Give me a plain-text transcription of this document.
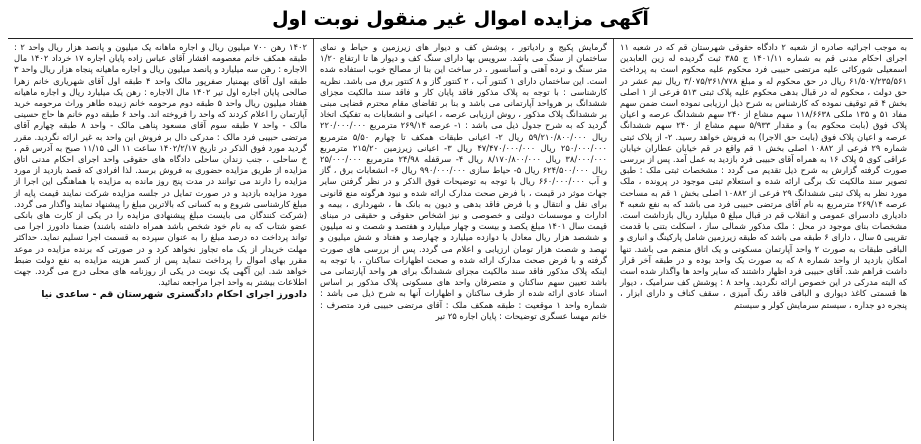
آگهی مزایده اموال غیر منقول نوبت اول

به موجب اجرائیه صادره از شعبه ۲ دادگاه حقوقی شهرستان قم که در شعبه ۱۱ اجرای احکام مدنی قم به شماره ۱۴۰۱/۱۱ ج ۳۸۵ ثبت گردیده له زین العابدین اسمعیلی شورکائی علیه مرتضی حبیبی فرد محکوم علیه محکوم است به پرداخت ۶۱/۵۰۷/۲۳۵/۵۶۱ ریال در حق محکوم له و مبلغ ۳/۰۷۵/۳۶۱/۷۷۸ ریال نیم عشر در حق دولت ، محکوم له در قبال بدهی محکوم علیه پلاک ثبتی ۵۱۳ فرعی از ۱ اصلی بخش ۴ قم توقیف نموده که کارشناس به شرح ذیل ارزیابی نموده است ضمن سهم مفاد ۵۱ و ۱۳۵ ملکی ۱۱۸/۶۶۳۸ سهم مشاع از ۲۴۰ سهم ششدانگ عرصه و اعیان پلاک فوق (بابت محکوم به) و مقدار ۵/۹۳۳ سهم مشاع از ۲۴۰ سهم ششدانگ عرصه و اعیان پلاک فوق (بابت حق الاجرا) به فروش خواهد رسید. ۲- از پلاک ثبتی شماره ۲۹ فرعی از ۱۰۸۸۲ اصلی بخش ۱ قم واقع در قم خیابان عطاران خیابان عراقی کوی ۵ پلاک ۱۶ به همراه آقای حبیبی فرد بازدید به عمل آمد. پس از بررسی صورت گرفته گزارش به شرح ذیل تقدیم می گردد : مشخصات ثبتی ملک : طبق تصویر سند مالکیت تک برگی ارائه شده و استعلام ثبتی موجود در پرونده ، ملک مورد نظر به پلاک ثبتی ششدانگ ۲۹ فرعی از ۱۰۸۸۲ اصلی بخش ۱ قم به مساحت عرصه ۲۶۹/۱۴ مترمربع به نام آقای مرتضی حبیبی فرد می باشد که به نفع شعبه ۴ دادیاری دادسرای عمومی و انقلاب قم در قبال مبلغ ۵ میلیارد ریال بازداشت است. مشخصات بنای موجود در محل : ملک مذکور شمالی ساز ، اسکلت بتنی با قدمت تقریبی ۵ سال ، دارای ۶ طبقه می باشد که طبقه زیرزمین شامل پارکینگ و انباری و البافی طبقات به صورت ۲ واحد آپارتمان مسکونی و یک اتاق منضم می باشد. تنها امکان بازدید از واحد شماره ۸ که به صورت یک واحد بوده و در طبقه آخر قرار داشت فراهم شد. آقای حبیبی فرد اظهار داشتند که سایر واحد ها واگذار شده است که البته مدرکی در این خصوص ارائه نگردید. واحد ۸ : پوشش کف سرامیک ، دیوار ها قسمتی کاغذ دیواری و البافی فاقد رنگ آمیزی ، سقف کناف و دارای ابزار ، پنجره دو جداره ، سیستم سرمایش کولر و سیستم

گرمایش پکیج و رادیاتور ، پوشش کف و دیوار های زیرزمین و حیاط و نمای ساختمان از سنگ می باشد. سرویس بها دارای سنگ کف و دیوار ها تا ارتفاع ۱/۲۰ متر سنگ و نرده آهنی و آسانسور ، در ساخت این بنا از مصالح خوب استفاده شده است. این ساختمان دارای ۱ کنتور آب ، ۲ کنتور گاز و ۸ کنتور برق می باشد. نظریه کارشناسی : با توجه به پلاک مذکور فاقد پایان کار و فاقد سند مالکیت مجزای ششدانگ بر هرواحد آپارتمانی می باشد و بنا بر تقاضای مقام محترم قضایی مبنی بر ششدانگ پلاک مذکور ، روش ارزیابی عرصه ، اعیانی و انشعابات به تفکیک اتخاذ گردید که به شرح جدول ذیل می باشد : ۱- عرصه ۲۶۹/۱۴ مترمربع ۲۲۰/۰۰۰/۰۰۰ ریال ۵۹/۲۱۰/۸۰۰/۰۰۰ ریال ۲- اعیانی طبقات همکف تا چهارم ۵/۵۰ مترمربع ۲۵۰/۰۰۰/۰۰۰ ریال ۴۷/۴۷۰/۰۰۰/۰۰۰ ریال ۳- اعیانی زیرزمین ۲۱۵/۲۰ مترمربع ۳۸/۰۰۰/۰۰۰ ریال ۸/۱۷۰/۸۰۰/۰۰۰ ریال ۴- سرقفله ۲۴/۹۸ مترمربع ۲۵/۰۰۰/۰۰۰ ریال ۶۲۴/۵۰۰/۰۰۰ ریال ۵- حیاط سازی ۹۹۰/۰۰۰/۰۰۰ ریال ۶- انشعابات برق ، گاز و آب ۶۶۰/۰۰۰/۰۰۰ ریال با توجه به توضیحات فوق الذکر و در نظر گرفتن سایر جهات موثر در قیمت ، با فرض صحت مدارک ارائه شده و نبود هرگونه منع قانونی برای نقل و انتقال و با فرض فاقد بدهی و دیون به بانک ها ، شهرداری ، بیمه و ادارات و موسسات دولتی و خصوصی و نیز اشخاص حقوقی و حقیقی در مبنای قیمت سال ۱۴۰۱ مبلغ یکصد و بیست و چهار میلیارد و هفتصد و شصت و نه میلیون و ششصد هزار ریال معادل با دوازده میلیارد و چهارصد و هفتاد و شش میلیون و نهصد و شصت هزار تومان ارزیابی و اعلام می گردد. پس از بررسی های صورت گرفته و با فرض صحت مدارک ارائه شده و صحت اظهارات ساکنان ، با توجه به اینکه پلاک مذکور فاقد سند مالکیت مجزای ششدانگ برای هر واحد آپارتمانی می باشد تعیین سهم ساکنان و متصرفان واحد های مسکونی پلاک مذکور بر اساس اسناد عادی ارائه شده از طرف ساکنان و اظهارات آنها به شرح ذیل می باشد : شماره واحد ۱ موقعیت : طبقه همکف ملک : آقای مرتضی حبیبی فرد متصرف : خانم مهسا عسگری توضیحات : پایان اجاره ۲۵ تیر

۱۴۰۲ رهن ۷۰۰ میلیون ریال و اجاره ماهانه یک میلیون و پانصد هزار ریال واحد ۲ : طبقه همکف خانم معصومه افشار آقای عباس زاده پایان اجاره ۱۷ خرداد ۱۴۰۲ مال الاجاره : رهن سه میلیارد و پانصد میلیون ریال و اجاره ماهیانه پنجاه هزار ریال واحد ۳ طبقه اول آقای بهمنیار صفرپور مالک واحد ۴ طبقه اول آقای شهریاری خانم زهرا صالحی پایان اجاره اول تیر ۱۴۰۲ مال الاجاره : رهن یک میلیارد ریال و اجاره ماهیانه هفتاد میلیون ریال واحد ۵ طبقه دوم مرحومه خانم زبیده طاهر وراث مرحومه خرید آپارتمان را اعلام کردند که واحد را فروخته اند. واحد ۶ طبقه دوم خانم ها حاج حسینی مالک - واحد ۷ طبقه سوم آقای مسعود پناهی مالک - واحد ۸ طبقه چهارم آقای مرتضی حبیبی فرد مالک : مدرکی دال بر فروش این واحد به غیر ارائه نگردید. مقرر گردید مورد فوق الذکر در تاریخ ۱۴۰۲/۲/۱۷ ساعت ۱۱ الی ۱۱/۱۵ صبح به آدرس قم ، خ ساحلی ، جنب زندان ساحلی دادگاه های حقوقی واحد اجرای احکام مدنی اتاق مزایده از طریق مزایده حضوری به فروش برسد. لذا افرادی که قصد بازدید از مورد مزایده را دارند می توانند در مدت پنج روز مانده به مزایده با هماهنگی این اجرا از مورد مزایده بازدید و در صورت تمایل در جلسه مزایده شرکت نمایند قیمت پایه از مبلغ کارشناسی شروع و به کسانی که بالاترین مبلغ را پیشنهاد نمایند واگذار می گردد. (شرکت کنندگان می بایست مبلغ پیشنهادی مزایده را در یکی از کارت های بانکی عضو شتاب که به نام خود شخص باشد همراه داشته باشند) ضمنا دادورز اجرا می تواند پرداخت ده درصد مبلغ را به عنوان سپرده به قسمت اجرا تسلیم نماید. حداکثر مهلت خریدار از یک ماه تجاوز نخواهد کرد و در صورتی که برنده مزایده در موعد مقرر بهای اموال را پرداخت ننماید پس از کسر هزینه مزایده به نفع دولت ضبط خواهد شد. این آگهی یک نوبت در یکی از روزنامه های محلی درج می گردد. جهت اطلاعات بیشتر به واحد اجرا مراجعه نمائید.

دادورز اجرای احکام دادگستری شهرستان قم - ساعدی نیا
